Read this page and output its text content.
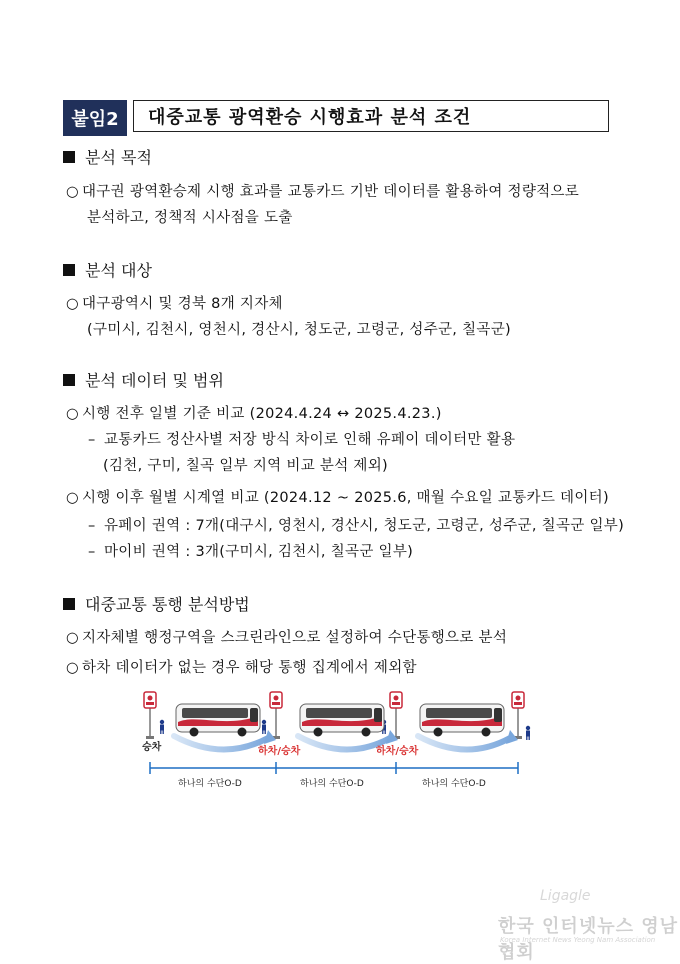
붙임2	대중교통 광역환승 시행효과 분석 조건
분석 목적
○ 대구권 광역환승제 시행 효과를 교통카드 기반 데이터를 활용하여 정량적으로
분석하고, 정책적 시사점을 도출
분석 대상
○ 대구광역시 및 경북 8개 지자체
(구미시, 김천시, 영천시, 경산시, 청도군, 고령군, 성주군, 칠곡군)
분석 데이터 및 범위
○ 시행 전후 일별 기준 비교 (2024.4.24 ↔ 2025.4.23.)
– 교통카드 정산사별 저장 방식 차이로 인해 유페이 데이터만 활용
(김천, 구미, 칠곡 일부 지역 비교 분석 제외)
○ 시행 이후 월별 시계열 비교 (2024.12 ~ 2025.6, 매월 수요일 교통카드 데이터)
– 유페이 권역 : 7개(대구시, 영천시, 경산시, 청도군, 고령군, 성주군, 칠곡군 일부)
– 마이비 권역 : 3개(구미시, 김천시, 칠곡군 일부)
대중교통 통행 분석방법
○ 지자체별 행정구역을 스크린라인으로 설정하여 수단통행으로 분석
○ 하차 데이터가 없는 경우 해당 통행 집계에서 제외함
승차	하차/승차	하차/승차
하나의 수단O-D	하나의 수단O-D	하나의 수단O-D
Ligagle
한국 인터넷뉴스 영남협회
Korea Internet News Yeong Nam Association
